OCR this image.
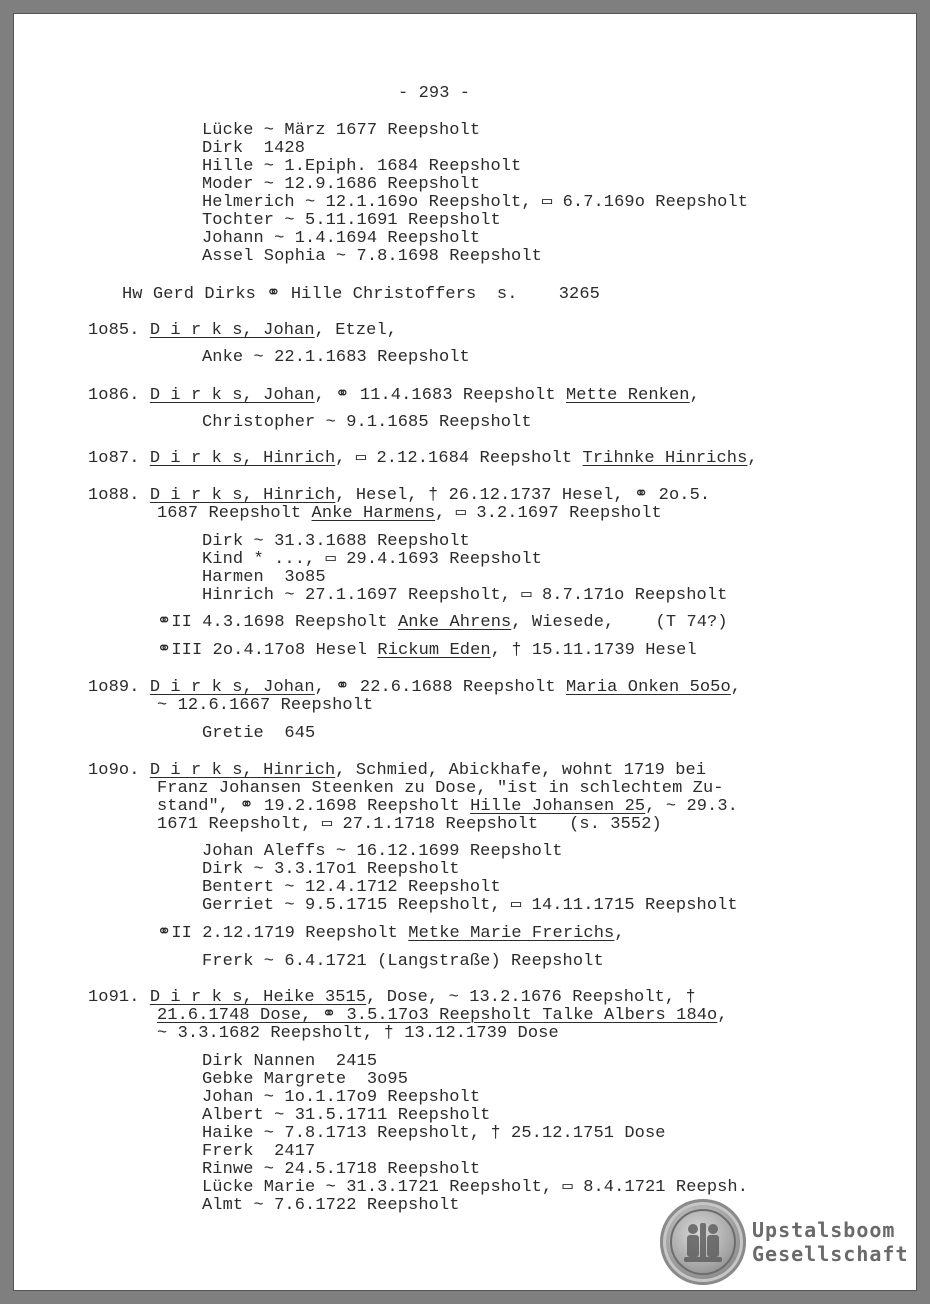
- 293 -
Lücke ~ März 1677 Reepsholt
Dirk  1428
Hille ~ 1.Epiph. 1684 Reepsholt
Moder ~ 12.9.1686 Reepsholt
Helmerich ~ 12.1.169o Reepsholt, ▭ 6.7.169o Reepsholt
Tochter ~ 5.11.1691 Reepsholt
Johann ~ 1.4.1694 Reepsholt
Assel Sophia ~ 7.8.1698 Reepsholt
Hw Gerd Dirks ⚭ Hille Christoffers s.    3265
1o85. D i r k s, Johan, Etzel,
Anke ~ 22.1.1683 Reepsholt
1o86. D i r k s, Johan, ⚭ 11.4.1683 Reepsholt Mette Renken,
Christopher ~ 9.1.1685 Reepsholt
1o87. D i r k s, Hinrich, ▭ 2.12.1684 Reepsholt Trihnke Hinrichs,
1o88. D i r k s, Hinrich, Hesel, † 26.12.1737 Hesel, ⚭ 2o.5.
1687 Reepsholt Anke Harmens, ▭ 3.2.1697 Reepsholt
Dirk ~ 31.3.1688 Reepsholt
Kind * ..., ▭ 29.4.1693 Reepsholt
Harmen  3o85
Hinrich ~ 27.1.1697 Reepsholt, ▭ 8.7.171o Reepsholt
⚭II 4.3.1698 Reepsholt Anke Ahrens, Wiesede,    (T 74?)
⚭III 2o.4.17o8 Hesel Rickum Eden, † 15.11.1739 Hesel
1o89. D i r k s, Johan, ⚭ 22.6.1688 Reepsholt Maria Onken 5o5o,
~ 12.6.1667 Reepsholt
Gretie  645
1o9o. D i r k s, Hinrich, Schmied, Abickhafe, wohnt 1719 bei
Franz Johansen Steenken zu Dose, "ist in schlechtem Zu-
stand", ⚭ 19.2.1698 Reepsholt Hille Johansen 25, ~ 29.3.
1671 Reepsholt, ▭ 27.1.1718 Reepsholt   (s. 3552)
Johan Aleffs ~ 16.12.1699 Reepsholt
Dirk ~ 3.3.17o1 Reepsholt
Bentert ~ 12.4.1712 Reepsholt
Gerriet ~ 9.5.1715 Reepsholt, ▭ 14.11.1715 Reepsholt
⚭II 2.12.1719 Reepsholt Metke Marie Frerichs,
Frerk ~ 6.4.1721 (Langstraße) Reepsholt
1o91. D i r k s, Heike 3515, Dose, ~ 13.2.1676 Reepsholt, †
21.6.1748 Dose, ⚭ 3.5.17o3 Reepsholt Talke Albers 184o,
~ 3.3.1682 Reepsholt, † 13.12.1739 Dose
Dirk Nannen  2415
Gebke Margrete  3o95
Johan ~ 1o.1.17o9 Reepsholt
Albert ~ 31.5.1711 Reepsholt
Haike ~ 7.8.1713 Reepsholt, † 25.12.1751 Dose
Frerk  2417
Rinwe ~ 24.5.1718 Reepsholt
Lücke Marie ~ 31.3.1721 Reepsholt, ▭ 8.4.1721 Reepsh.
Almt ~ 7.6.1722 Reepsholt
Upstalsboom
Gesellschaft
